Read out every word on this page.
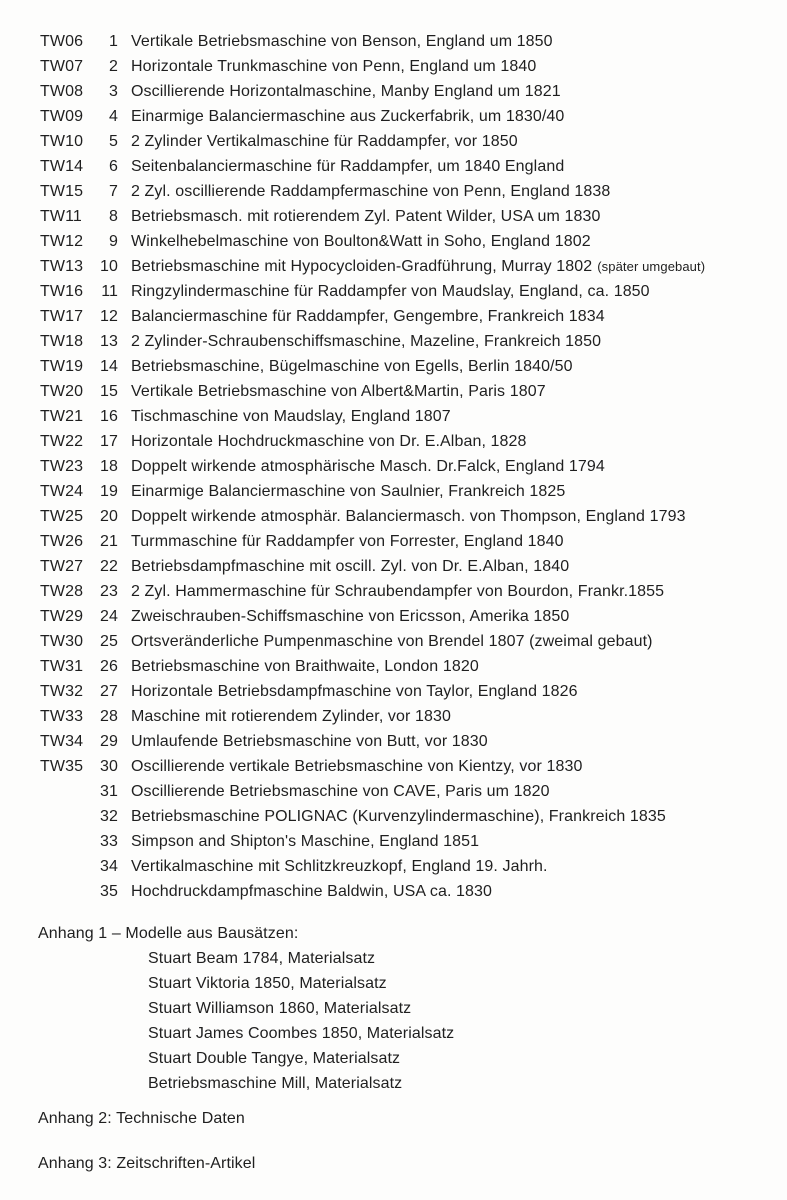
TW06	1 Vertikale Betriebsmaschine von Benson, England um 1850
TW07	2 Horizontale Trunkmaschine von Penn, England um 1840
TW08	3 Oscillierende Horizontalmaschine, Manby England um 1821
TW09	4 Einarmige Balanciermaschine aus Zuckerfabrik, um 1830/40
TW10	5 2 Zylinder Vertikalmaschine für Raddampfer, vor 1850
TW14	6 Seitenbalanciermaschine für Raddampfer, um 1840 England
TW15	7 2 Zyl. oscillierende Raddampfermaschine von Penn, England 1838
TW11	8 Betriebsmasch. mit rotierendem Zyl. Patent Wilder, USA um 1830
TW12	9 Winkelhebelmaschine von Boulton&Watt in Soho, England 1802
TW13	10 Betriebsmaschine mit Hypocycloiden-Gradführung, Murray 1802 (später umgebaut)
TW16	11 Ringzylindermaschine für Raddampfer von Maudslay, England, ca. 1850
TW17	12 Balanciermaschine für Raddampfer, Gengembre, Frankreich 1834
TW18	13 2 Zylinder-Schraubenschiffsmaschine, Mazeline, Frankreich 1850
TW19	14 Betriebsmaschine, Bügelmaschine von Egells, Berlin 1840/50
TW20	15 Vertikale Betriebsmaschine von Albert&Martin, Paris 1807
TW21	16 Tischmaschine von Maudslay, England 1807
TW22	17 Horizontale Hochdruckmaschine von Dr. E.Alban, 1828
TW23	18 Doppelt wirkende atmosphärische Masch. Dr.Falck, England 1794
TW24	19 Einarmige Balanciermaschine von Saulnier, Frankreich 1825
TW25	20 Doppelt wirkende atmosphär. Balanciermasch. von Thompson, England 1793
TW26	21 Turmmaschine für Raddampfer von Forrester, England 1840
TW27	22 Betriebsdampfmaschine mit oscill. Zyl. von Dr. E.Alban, 1840
TW28	23 2 Zyl. Hammermaschine für Schraubendampfer von Bourdon, Frankr.1855
TW29	24 Zweischrauben-Schiffsmaschine von Ericsson, Amerika 1850
TW30	25 Ortsveränderliche Pumpenmaschine von Brendel 1807 (zweimal gebaut)
TW31	26 Betriebsmaschine von Braithwaite, London 1820
TW32	27 Horizontale Betriebsdampfmaschine von Taylor, England 1826
TW33	28 Maschine mit rotierendem Zylinder, vor 1830
TW34	29 Umlaufende Betriebsmaschine von Butt, vor 1830
TW35	30 Oscillierende vertikale Betriebsmaschine von Kientzy, vor 1830
31 Oscillierende Betriebsmaschine von CAVE, Paris um 1820
32 Betriebsmaschine POLIGNAC (Kurvenzylindermaschine), Frankreich 1835
33 Simpson and Shipton's Maschine, England 1851
34 Vertikalmaschine mit Schlitzkreuzkopf, England 19. Jahrh.
35 Hochdruckdampfmaschine Baldwin, USA ca. 1830
Anhang 1 – Modelle aus Bausätzen:
Stuart Beam 1784, Materialsatz
Stuart Viktoria 1850, Materialsatz
Stuart Williamson 1860, Materialsatz
Stuart James Coombes 1850, Materialsatz
Stuart Double Tangye, Materialsatz
Betriebsmaschine Mill, Materialsatz
Anhang 2: Technische Daten
Anhang 3: Zeitschriften-Artikel
